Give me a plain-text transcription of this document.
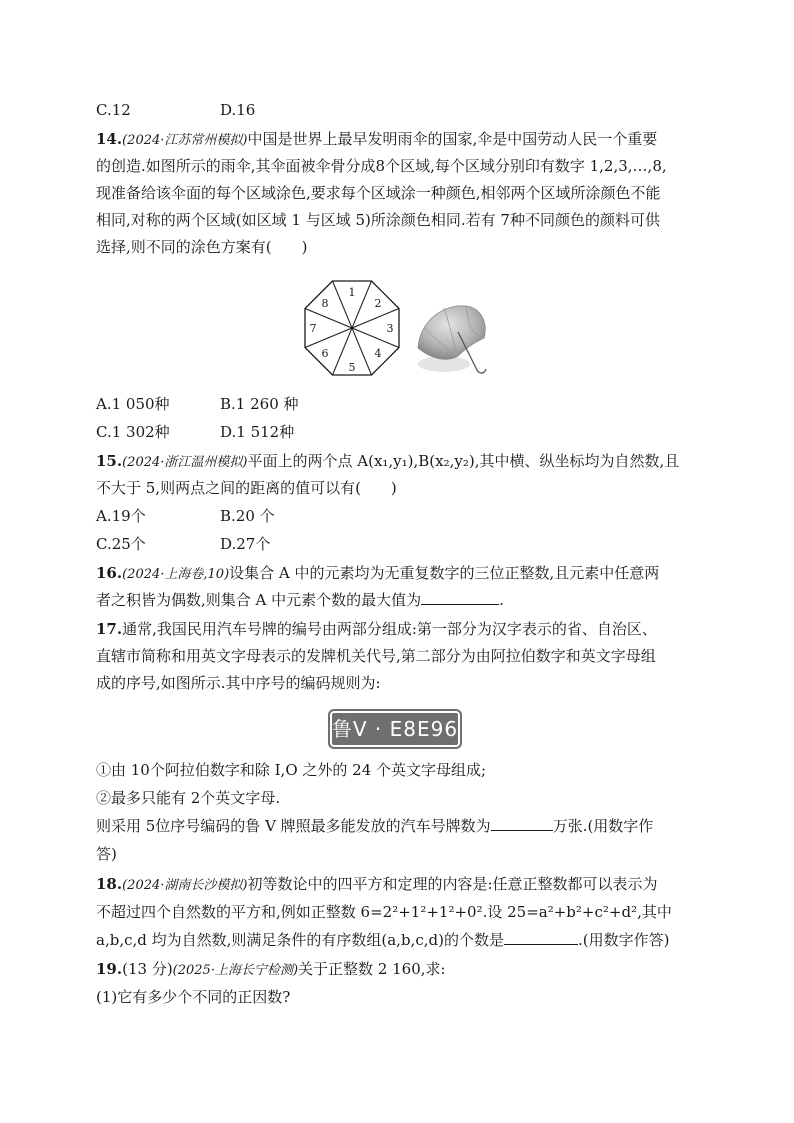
C.12	D.16
14.(2024·江苏常州模拟)中国是世界上最早发明雨伞的国家,伞是中国劳动人民一个重要
的创造.如图所示的雨伞,其伞面被伞骨分成8个区域,每个区域分别印有数字 1,2,3,…,8,
现准备给该伞面的每个区域涂色,要求每个区域涂一种颜色,相邻两个区域所涂颜色不能
相同,对称的两个区域(如区域 1 与区域 5)所涂颜色相同.若有 7种不同颜色的颜料可供
选择,则不同的涂色方案有(　　)
1
2
3
4
5
6
7
8
A.1 050种	B.1 260 种
C.1 302种	D.1 512种
15.(2024·浙江温州模拟)平面上的两个点 A(x₁,y₁),B(x₂,y₂),其中横、纵坐标均为自然数,且
不大于 5,则两点之间的距离的值可以有(　　)
A.19个	B.20 个
C.25个	D.27个
16.(2024·上海卷,10)设集合 A 中的元素均为无重复数字的三位正整数,且元素中任意两
者之积皆为偶数,则集合 A 中元素个数的最大值为	.
17.通常,我国民用汽车号牌的编号由两部分组成:第一部分为汉字表示的省、自治区、
直辖市简称和用英文字母表示的发牌机关代号,第二部分为由阿拉伯数字和英文字母组
成的序号,如图所示.其中序号的编码规则为:
鲁V · E8E96
①由 10个阿拉伯数字和除 I,O 之外的 24 个英文字母组成;
②最多只能有 2个英文字母.
则采用 5位序号编码的鲁 V 牌照最多能发放的汽车号牌数为	万张.(用数字作
答)
18.(2024·湖南长沙模拟)初等数论中的四平方和定理的内容是:任意正整数都可以表示为
不超过四个自然数的平方和,例如正整数 6=2²+1²+1²+0².设 25=a²+b²+c²+d²,其中
a,b,c,d 均为自然数,则满足条件的有序数组(a,b,c,d)的个数是	.(用数字作答)
19.(13 分)(2025·上海长宁检测)关于正整数 2 160,求:
(1)它有多少个不同的正因数?
